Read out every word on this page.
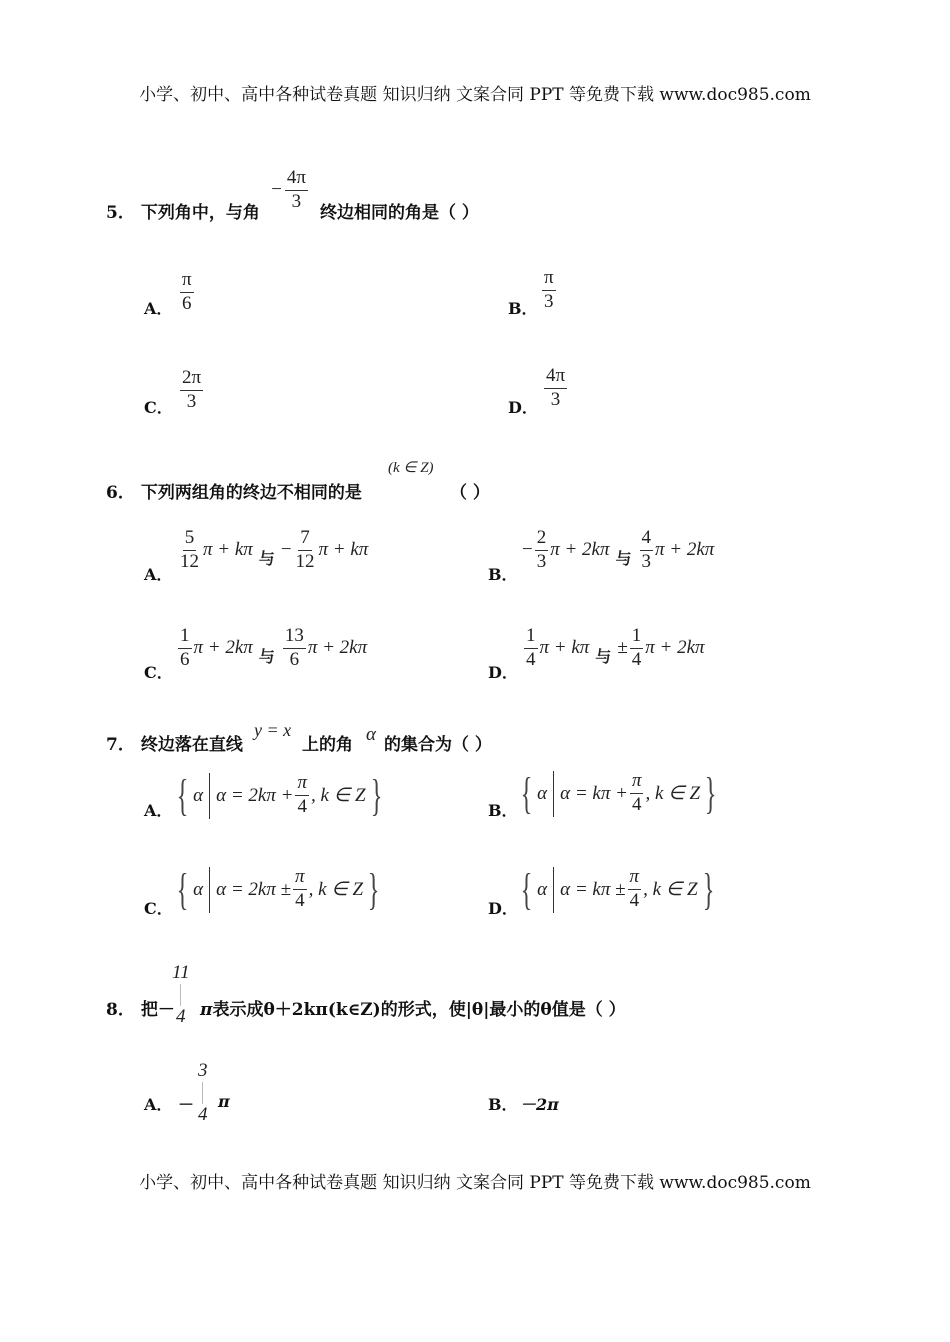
小学、初中、高中各种试卷真题 知识归纳 文案合同 PPT 等免费下载 www.doc985.com
5． 下列角中，与角
− $\frac{4\pi}{3}$
终边相同的角是（ ）
A．
π
6	B．
π
3
C．
2π
3	D．
4π
3
6． 下列两组角的终边不相同的是
(k ∈ Z)
（ ）
A．
5
12
π + kπ 与 − $\frac{7}{12}$ π + kπ
B．
− $\frac{2}{3}$ π + 2kπ 与
4
3
π + 2kπ
C．
1
6
π + 2kπ 与
13
6
π + 2kπ
D．
1
4
π + kπ 与 ± $\frac{1}{4}$ π + 2kπ
7． 终边落在直线
y = x
上的角 α 的集合为（ ）
A． { α $\alpha = 2k\pi + \frac{\pi}{4}$ , k ∈ Z }	B． { α $\alpha = k\pi + \frac{\pi}{4}$ , k ∈ Z }
C． { α $\alpha = 2k\pi \pm \frac{\pi}{4}$ , k ∈ Z }	D． { α $\alpha = k\pi \pm \frac{\pi}{4}$ , k ∈ Z }
8． 把－
11
4 π表示成θ＋2kπ(k∈Z)的形式，使|θ|最小的θ值是（ ）
A． －
3
4
π	B． －2π
小学、初中、高中各种试卷真题 知识归纳 文案合同 PPT 等免费下载 www.doc985.com
